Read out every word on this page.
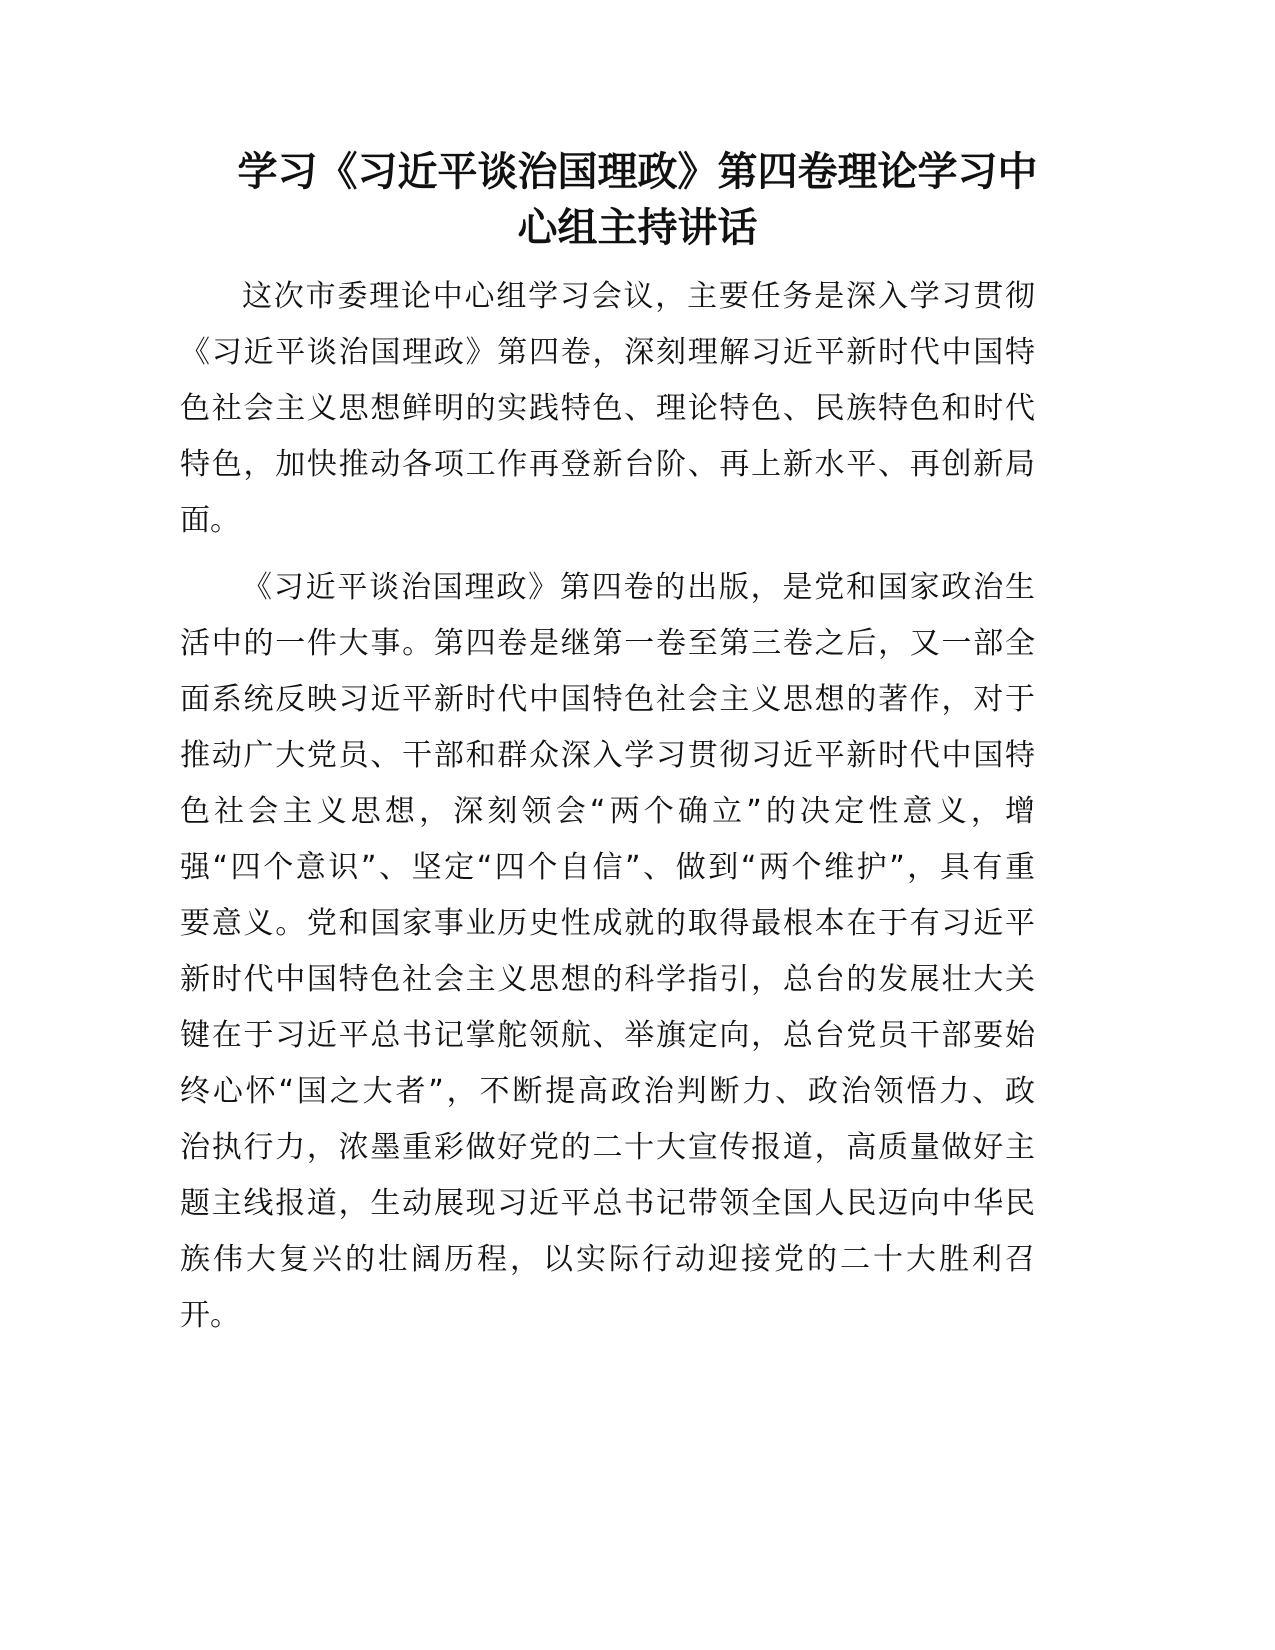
学习《习近平谈治国理政》第四卷理论学习中
心组主持讲话
这次市委理论中心组学习会议，主要任务是深入学习贯彻
《习近平谈治国理政》第四卷，深刻理解习近平新时代中国特
色社会主义思想鲜明的实践特色、理论特色、民族特色和时代
特色，加快推动各项工作再登新台阶、再上新水平、再创新局
面。
《习近平谈治国理政》第四卷的出版，是党和国家政治生
活中的一件大事。第四卷是继第一卷至第三卷之后，又一部全
面系统反映习近平新时代中国特色社会主义思想的著作，对于
推动广大党员、干部和群众深入学习贯彻习近平新时代中国特
色社会主义思想，深刻领会“两个确立”的决定性意义，增
强“四个意识”、坚定“四个自信”、做到“两个维护”，具有重
要意义。党和国家事业历史性成就的取得最根本在于有习近平
新时代中国特色社会主义思想的科学指引，总台的发展壮大关
键在于习近平总书记掌舵领航、举旗定向，总台党员干部要始
终心怀“国之大者”，不断提高政治判断力、政治领悟力、政
治执行力，浓墨重彩做好党的二十大宣传报道，高质量做好主
题主线报道，生动展现习近平总书记带领全国人民迈向中华民
族伟大复兴的壮阔历程，以实际行动迎接党的二十大胜利召
开。
